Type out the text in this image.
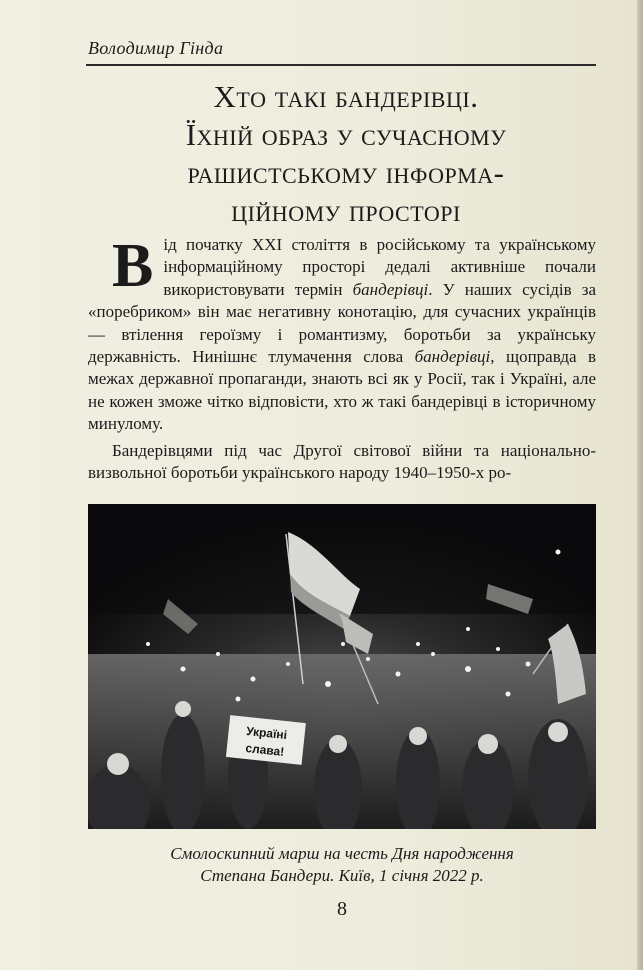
Володимир Гінда
Хто такі бандерівці.
Їхній образ у сучасному
рашистському інформа-
ційному просторі

В ід початку XXI століття в російському та українському інформаційному просторі дедалі активніше почали використовувати термін бандерівці. У наших сусідів за «поребриком» він має негативну конотацію, для сучасних українців — втілення героїзму і романтизму, боротьби за українську державність. Нинішнє тлумачення слова бандерівці, щоправда в межах державної пропаганди, знають всі як у Росії, так і Україні, але не кожен зможе чітко відповісти, хто ж такі бандерівці в історичному минулому.

Бандерівцями під час Другої світової війни та національно-визвольної боротьби українського народу 1940–1950-х ро-

Україні
слава!
Смолоскипний марш на честь Дня народження
Степана Бандери. Київ, 1 січня 2022 р.
8
